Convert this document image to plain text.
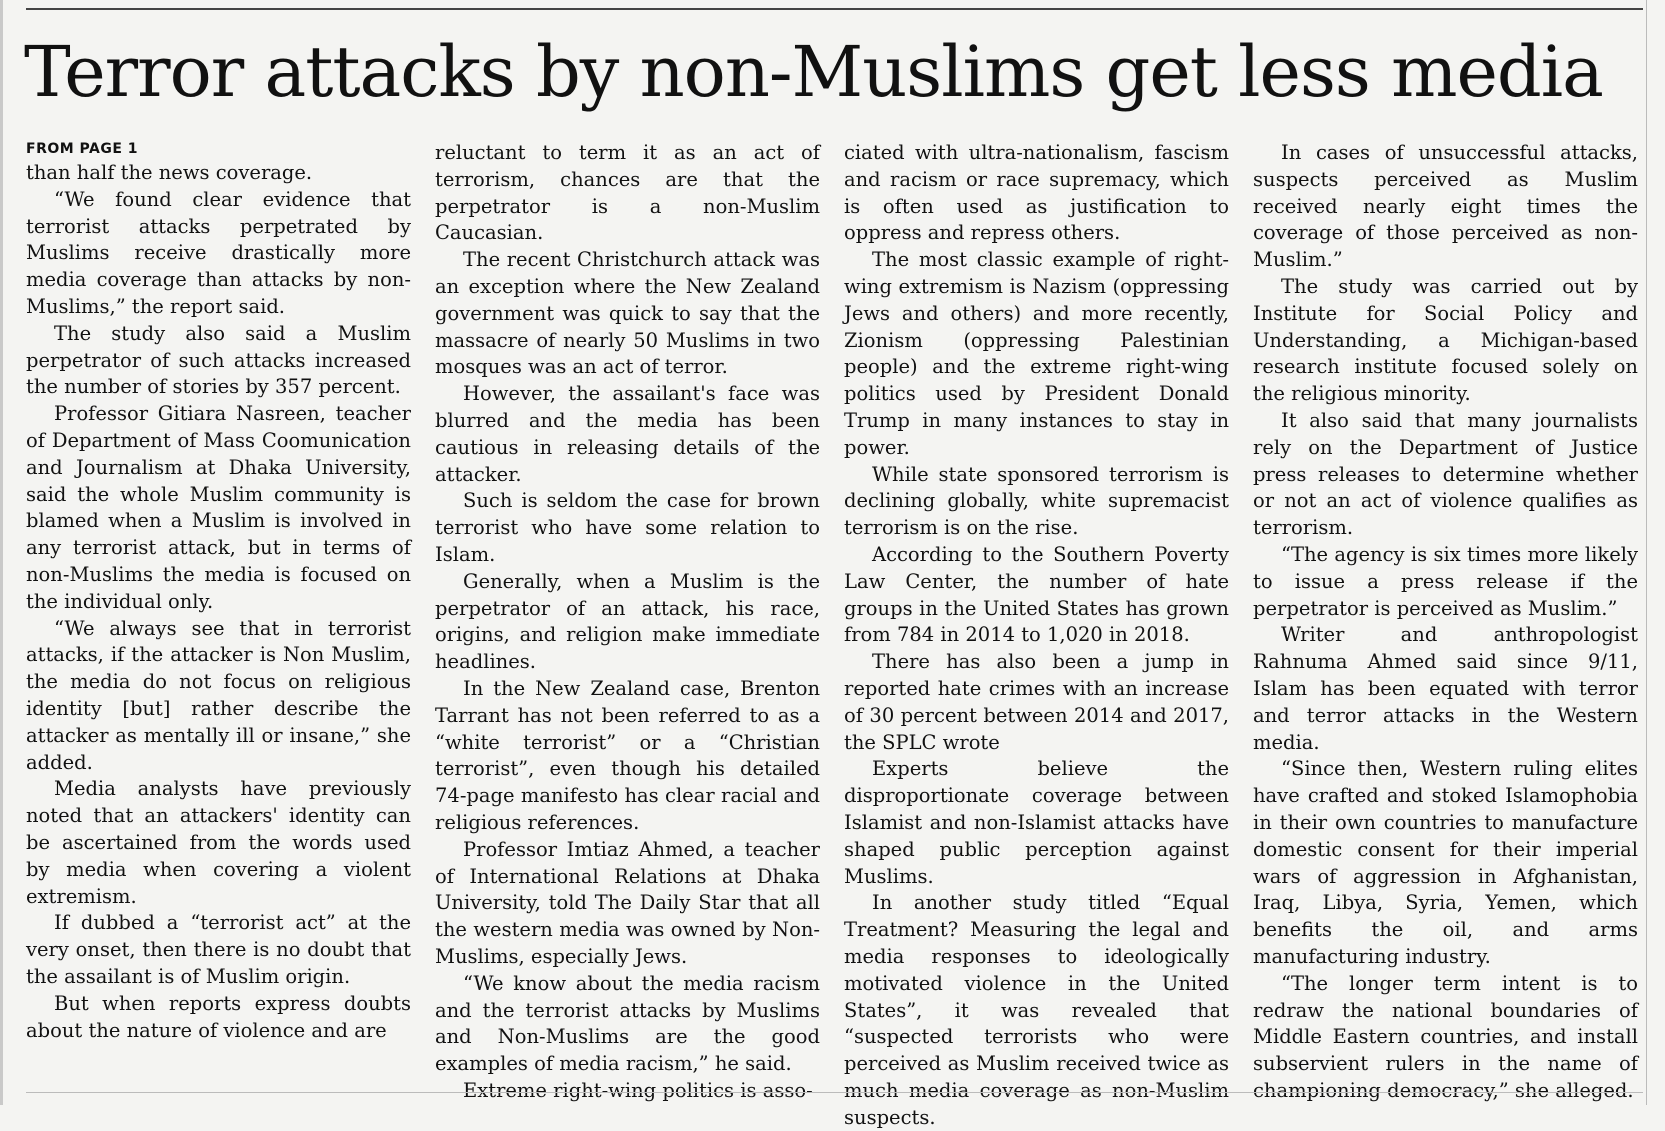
Terror attacks by non-Muslims get less media
FROM PAGE 1

than half the news coverage.

“We found clear evidence that terrorist attacks perpetrated by Muslims receive drastically more media coverage than attacks by non-Muslims,” the report said.

The study also said a Muslim perpetrator of such attacks increased the number of stories by 357 percent.

Professor Gitiara Nasreen, teacher of Department of Mass Coomunication and Journalism at Dhaka University, said the whole Muslim community is blamed when a Muslim is involved in any terrorist attack, but in terms of non-Muslims the media is focused on the individual only.

“We always see that in terrorist attacks, if the attacker is Non Muslim, the media do not focus on religious identity [but] rather describe the attacker as mentally ill or insane,” she added.

Media analysts have previously noted that an attackers' identity can be ascertained from the words used by media when covering a violent extremism.

If dubbed a “terrorist act” at the very onset, then there is no doubt that the assailant is of Muslim origin.

But when reports express doubts about the nature of violence and are

reluctant to term it as an act of terrorism, chances are that the perpetrator is a non-Muslim Caucasian.

The recent Christchurch attack was an exception where the New Zealand government was quick to say that the massacre of nearly 50 Muslims in two mosques was an act of terror.

However, the assailant's face was blurred and the media has been cautious in releasing details of the attacker.

Such is seldom the case for brown terrorist who have some relation to Islam.

Generally, when a Muslim is the perpetrator of an attack, his race, origins, and religion make immediate headlines.

In the New Zealand case, Brenton Tarrant has not been referred to as a “white terrorist” or a “Christian terrorist”, even though his detailed 74-page manifesto has clear racial and religious references.

Professor Imtiaz Ahmed, a teacher of International Relations at Dhaka University, told The Daily Star that all the western media was owned by Non-Muslims, especially Jews.

“We know about the media racism and the terrorist attacks by Muslims and Non-Muslims are the good examples of media racism,” he said.

Extreme right-wing politics is asso-

ciated with ultra-nationalism, fascism and racism or race supremacy, which is often used as justification to oppress and repress others.

The most classic example of right-wing extremism is Nazism (oppressing Jews and others) and more recently, Zionism (oppressing Palestinian people) and the extreme right-wing politics used by President Donald Trump in many instances to stay in power.

While state sponsored terrorism is declining globally, white supremacist terrorism is on the rise.

According to the Southern Poverty Law Center, the number of hate groups in the United States has grown from 784 in 2014 to 1,020 in 2018.

There has also been a jump in reported hate crimes with an increase of 30 percent between 2014 and 2017, the SPLC wrote

Experts believe the disproportionate coverage between Islamist and non-Islamist attacks have shaped public perception against Muslims.

In another study titled “Equal Treatment? Measuring the legal and media responses to ideologically motivated violence in the United States”, it was revealed that “suspected terrorists who were perceived as Muslim received twice as much media coverage as non-Muslim suspects.

In cases of unsuccessful attacks, suspects perceived as Muslim received nearly eight times the coverage of those perceived as non-Muslim.”

The study was carried out by Institute for Social Policy and Understanding, a Michigan-based research institute focused solely on the religious minority.

It also said that many journalists rely on the Department of Justice press releases to determine whether or not an act of violence qualifies as terrorism.

“The agency is six times more likely to issue a press release if the perpetrator is perceived as Muslim.”

Writer and anthropologist Rahnuma Ahmed said since 9/11, Islam has been equated with terror and terror attacks in the Western media.

“Since then, Western ruling elites have crafted and stoked Islamophobia in their own countries to manufacture domestic consent for their imperial wars of aggression in Afghanistan, Iraq, Libya, Syria, Yemen, which benefits the oil, and arms manufacturing industry.

“The longer term intent is to redraw the national boundaries of Middle Eastern countries, and install subservient rulers in the name of championing democracy,” she alleged.
